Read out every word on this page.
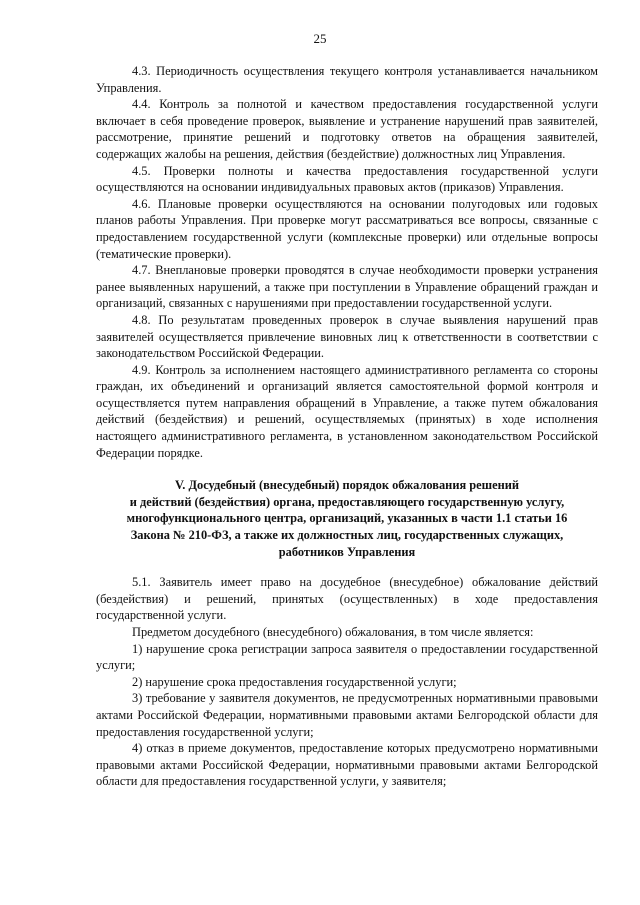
25

4.3. Периодичность осуществления текущего контроля устанавливается начальником Управления.

4.4. Контроль за полнотой и качеством предоставления государственной услуги включает в себя проведение проверок, выявление и устранение нарушений прав заявителей, рассмотрение, принятие решений и подготовку ответов на обращения заявителей, содержащих жалобы на решения, действия (бездействие) должностных лиц Управления.

4.5. Проверки полноты и качества предоставления государственной услуги осуществляются на основании индивидуальных правовых актов (приказов) Управления.

4.6. Плановые проверки осуществляются на основании полугодовых или годовых планов работы Управления. При проверке могут рассматриваться все вопросы, связанные с предоставлением государственной услуги (комплексные проверки) или отдельные вопросы (тематические проверки).

4.7. Внеплановые проверки проводятся в случае необходимости проверки устранения ранее выявленных нарушений, а также при поступлении в Управление обращений граждан и организаций, связанных с нарушениями при предоставлении государственной услуги.

4.8. По результатам проведенных проверок в случае выявления нарушений прав заявителей осуществляется привлечение виновных лиц к ответственности в соответствии с законодательством Российской Федерации.

4.9. Контроль за исполнением настоящего административного регламента со стороны граждан, их объединений и организаций является самостоятельной формой контроля и осуществляется путем направления обращений в Управление, а также путем обжалования действий (бездействия) и решений, осуществляемых (принятых) в ходе исполнения настоящего административного регламента, в установленном законодательством Российской Федерации порядке.

V. Досудебный (внесудебный) порядок обжалования решений
и действий (бездействия) органа, предоставляющего государственную услугу,
многофункционального центра, организаций, указанных в части 1.1 статьи 16
Закона № 210-ФЗ, а также их должностных лиц, государственных служащих,
работников Управления

5.1. Заявитель имеет право на досудебное (внесудебное) обжалование действий (бездействия) и решений, принятых (осуществленных) в ходе предоставления государственной услуги.

Предметом досудебного (внесудебного) обжалования, в том числе является:

1) нарушение срока регистрации запроса заявителя о предоставлении государственной услуги;

2) нарушение срока предоставления государственной услуги;

3) требование у заявителя документов, не предусмотренных нормативными правовыми актами Российской Федерации, нормативными правовыми актами Белгородской области для предоставления государственной услуги;

4) отказ в приеме документов, предоставление которых предусмотрено нормативными правовыми актами Российской Федерации, нормативными правовыми актами Белгородской области для предоставления государственной услуги, у заявителя;
